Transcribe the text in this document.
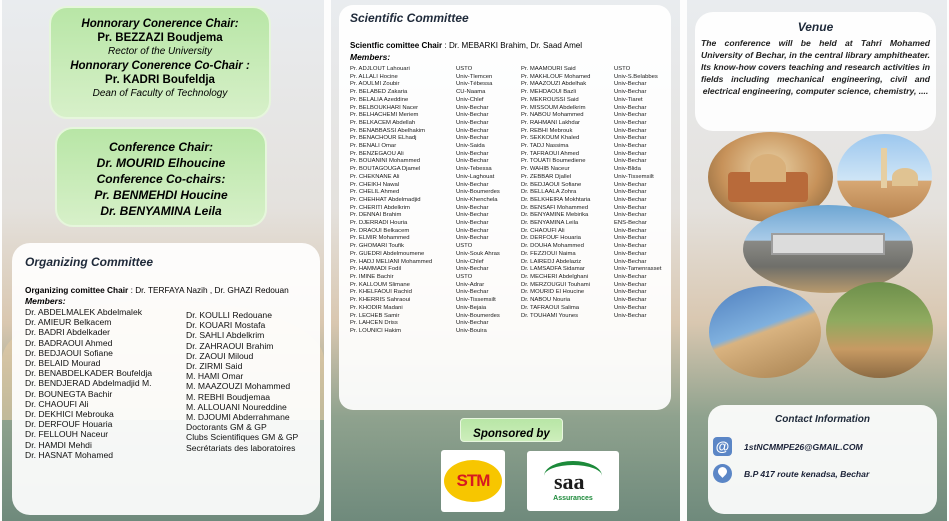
Honnorary Conerence Chair:
Pr. BEZZAZI Boudjema
Rector of the University
Honnorary Conerence Co-Chair :
Pr. KADRI Boufeldja
Dean of Faculty of Technology
Conference Chair:
Dr. MOURID Elhoucine
Conference Co-chairs:
Pr. BENMEHDI Houcine
Dr. BENYAMINA Leila
Organizing Committee
Organizing comittee Chair : Dr. TERFAYA Nazih , Dr. GHAZI Redouan
Members:
Dr. ABDELMALEK Abdelmalek
Dr. AMIEUR Belkacem
Dr. BADRI Abdelkader
Dr. BADRAOUI Ahmed
Dr. BEDJAOUI Sofiane
Dr. BELAID Mourad
Dr. BENABDELKADER Boufeldja
Dr. BENDJERAD Abdelmadjid M.
Dr. BOUNEGTA Bachir
Dr. CHAOUFI Ali
Dr. DEKHICI Mebrouka
Dr. DERFOUF Houaria
Dr. FELLOUH Naceur
Dr. HAMDI Mehdi
Dr. HASNAT Mohamed
Dr. KOULLI Redouane
Dr. KOUARI Mostafa
Dr. SAHLI Abdelkrim
Dr. ZAHRAOUI Brahim
Dr. ZAOUI Miloud
Dr. ZIRMI Said
M. HAMI Omar
M. MAAZOUZI Mohammed
M. REBHI Boudjemaa
M. ALLOUANI Noureddine
M. DJOUMI Abderrahmane
Doctorants GM & GP
Clubs Scientifiques GM & GP
Secrétariats des laboratoires
Scientific Committee
Scientfic comittee Chair : Dr. MEBARKI Brahim, Dr. Saad Amel
Members:
Pr. ADJLOUT Lahouari
Pr. ALLALI Hocine
Pr. AOULMI Zoubir
Pr. BELABED Zakaria
Pr. BELALIA Azeddine
Pr. BELBOUKHARI Nacer
Pr. BELHACHEMI Meriem
Pr. BELKACEM Abdellah
Pr. BENABBASSI Abelhakim
Pr. BENACHOUR ELhadj
Pr. BENALI Omar
Pr. BENZEGAOU Ali
Pr. BOUANINI Mohammed
Pr. BOUTAGOUGA Djamel
Pr. CHEKNANE Ali
Pr. CHEIKH Nawal
Pr. CHELIL Ahmed
Pr. CHEHHAT Abdelmadjid
Pr. CHERITI Abdelkrim
Pr. DENNAI Brahim
Pr. DJERRADI Houria
Pr. DRAOUI Belkacem
Pr. ELMIR Mohammed
Pr. GHOMARI Toufik
Pr. GUEDRI Abdelmoumene
Pr. HADJ MELIANI Mohammed
Pr. HAMMADI Fodil
Pr. IMINE Bachir
Pr. KALLOUM Slimane
Pr. KHELFAOUI Rachid
Pr. KHERRIS Sahraoui
Pr. KHODIR Madani
Pr. LECHEB Samir
Pr. LAHCEN Driss
Pr. LOUNICI Hakim
USTO
Univ-Tlemcen
Univ-Tébessa
CU-Naama
Univ-Chlef
Univ-Bechar
Univ-Bechar
Univ-Bechar
Univ-Bechar
Univ-Bechar
Univ-Saida
Univ-Bechar
Univ-Bechar
Univ-Tebessa
Univ-Laghouat
Univ-Bechar
Univ-Boumerdes
Univ-Khenchela
Univ-Bechar
Univ-Bechar
Univ-Bechar
Univ-Bechar
Univ-Bechar
USTO
Univ-Souk Ahras
Univ-Chlef
Univ-Bechar
USTO
Univ-Adrar
Univ-Bechar
Univ-Tissemsilt
Univ-Bejaia
Univ-Boumerdes
Univ-Bechar
Univ-Bouira
Pr. MAAMOURI Said
Pr. MAKHLOUF Mohamed
Pr. MAAZOUZI Abdelhak
Pr. MEHDAOUI Bazli
Pr. MEKROUSSI Said
Pr. MISSOUM Abdelkrim
Pr. NABOU Mohammed
Pr. RAHMANI Lakhdar
Pr. REBHI Mebrouk
Pr. SEKKOUM Khaled
Pr. TADJ Nassima
Pr. TAFRAOUI Ahmed
Pr. TOUATI Boumediene
Pr. WAHIB Naceur
Pr. ZEBBAR Djallel
Dr. BEDJAOUI Sofiane
Dr. BELLAALA Zohra
Dr. BELKHEIRA Mokhtaria
Dr. BENSAFI Mohammed
Dr. BENYAMINE Mebirika
Dr. BENYAMINA Leila
Dr. CHAOUFI Ali
Dr. DERFOUF Houaria
Dr. DOUHA Mohammed
Dr. FEZZIOUI Naima
Dr. LAIREDJ Abdelaziz
Dr. LAMSADFA Sidamar
Dr. MECHERI Abdelghani
Dr. MERZOUGUI Touhami
Dr. MOURID El Houcine
Dr. NABOU Nouria
Dr. TAFRAOUI Salima
Dr. TOUHAMI Younes
USTO
Univ-S.Belabbes
Univ-Bechar
Univ-Bechar
Univ-Tiaret
Univ-Bechar
Univ-Bechar
Univ-Bechar
Univ-Bechar
Univ-Bechar
Univ-Bechar
Univ-Bechar
Univ-Bechar
Univ-Blida
Univ-Tissemsilt
Univ-Bechar
Univ-Bechar
Univ-Bechar
Univ-Bechar
Univ-Bechar
ENS-Bechar
Univ-Bechar
Univ-Bechar
Univ-Bechar
Univ-Bechar
Univ-Bechar
Univ-Tamenrasset
Univ-Bechar
Univ-Bechar
Univ-Bechar
Univ-Bechar
Univ-Bechar
Univ-Bechar
Sponsored by
STM	saa
Assurances
Venue
The conference will be held at Tahri Mohamed University of Bechar, in the central library amphitheater. Its know-how covers teaching and research activities in fields including mechanical engineering, civil and electrical engineering, computer science, chemistry, ....
Contact Information
@	1stNCMMPE26@GMAIL.COM
B.P 417 route kenadsa, Bechar
